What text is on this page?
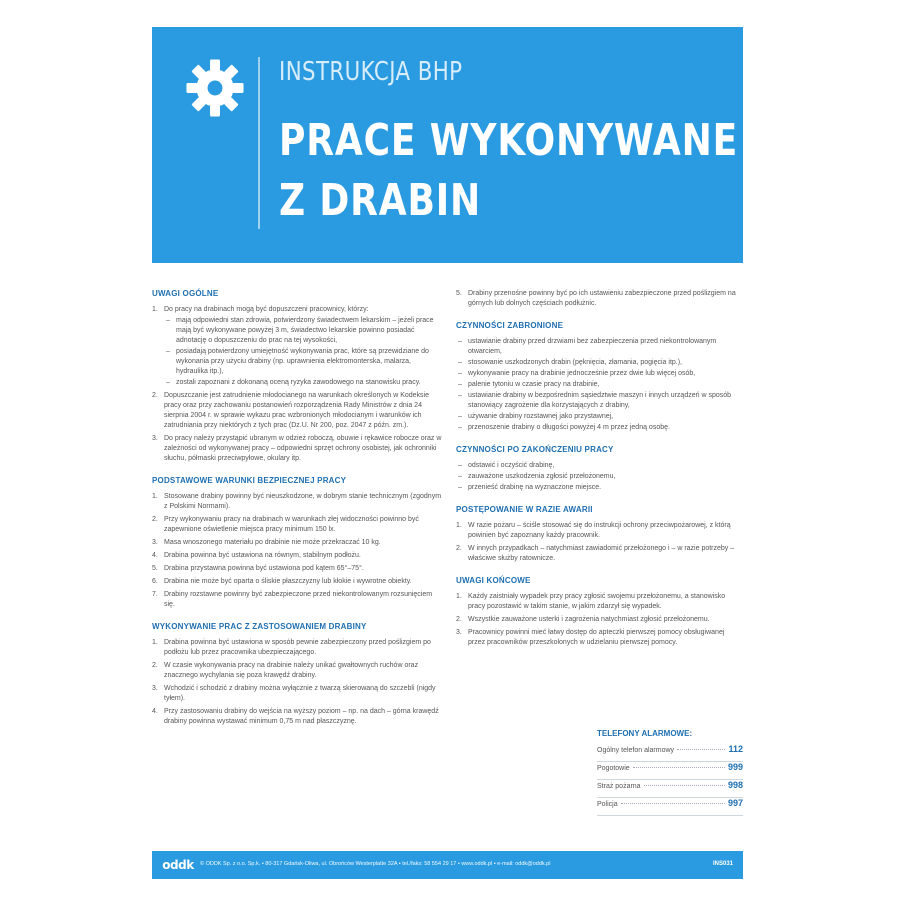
INSTRUKCJA BHP
PRACE WYKONYWANE
Z DRABIN
UWAGI OGÓLNE
1. Do pracy na drabinach mogą być dopuszczeni pracownicy, którzy:
– mają odpowiedni stan zdrowia, potwierdzony świadectwem lekarskim – jeżeli prace mają być wykonywane powyżej 3 m, świadectwo lekarskie powinno posiadać adnotację o dopuszczeniu do prac na tej wysokości,
– posiadają potwierdzony umiejętność wykonywania prac, które są przewidziane do wykonania przy użyciu drabiny (np. uprawnienia elektromonterska, malarza, hydraulika itp.),
– zostali zapoznani z dokonaną oceną ryzyka zawodowego na stanowisku pracy.
2. Dopuszczanie jest zatrudnienie młodocianego na warunkach określonych w Kodeksie pracy oraz przy zachowaniu postanowień rozporządzenia Rady Ministrów z dnia 24 sierpnia 2004 r. w sprawie wykazu prac wzbronionych młodocianym i warunków ich zatrudniania przy niektórych z tych prac (Dz.U. Nr 200, poz. 2047 z późn. zm.).
3. Do pracy należy przystąpić ubranym w odzież roboczą, obuwie i rękawice robocze oraz w zależności od wykonywanej pracy – odpowiedni sprzęt ochrony osobistej, jak ochronniki słuchu, półmaski przeciwpyłowe, okulary itp.
PODSTAWOWE WARUNKI BEZPIECZNEJ PRACY
1. Stosowane drabiny powinny być nieuszkodzone, w dobrym stanie technicznym (zgodnym z Polskimi Normami).
2. Przy wykonywaniu pracy na drabinach w warunkach złej widoczności powinno być zapewnione oświetlenie miejsca pracy minimum 150 lx.
3. Masa wnoszonego materiału po drabinie nie może przekraczać 10 kg.
4. Drabina powinna być ustawiona na równym, stabilnym podłożu.
5. Drabina przystawna powinna być ustawiona pod kątem 65°–75°.
6. Drabina nie może być oparta o śliskie płaszczyzny lub kłokie i wywrotne obiekty.
7. Drabiny rozstawne powinny być zabezpieczone przed niekontrolowanym rozsunięciem się.
WYKONYWANIE PRAC Z ZASTOSOWANIEM DRABINY
1. Drabina powinna być ustawiona w sposób pewnie zabezpieczony przed poślizgiem po podłożu lub przez pracownika ubezpieczającego.
2. W czasie wykonywania pracy na drabinie należy unikać gwałtownych ruchów oraz znacznego wychylania się poza krawędź drabiny.
3. Wchodzić i schodzić z drabiny można wyłącznie z twarzą skierowaną do szczebli (nigdy tyłem).
4. Przy zastosowaniu drabiny do wejścia na wyższy poziom – np. na dach – górna krawędź drabiny powinna wystawać minimum 0,75 m nad płaszczyznę.
5. Drabiny przenośne powinny być po ich ustawieniu zabezpieczone przed poślizgiem na górnych lub dolnych częściach podłużnic.
CZYNNOŚCI ZABRONIONE
– ustawianie drabiny przed drzwiami bez zabezpieczenia przed niekontrolowanym otwarciem,
– stosowanie uszkodzonych drabin (pęknięcia, złamania, pogięcia itp.),
– wykonywanie pracy na drabinie jednocześnie przez dwie lub więcej osób,
– palenie tytoniu w czasie pracy na drabinie,
– ustawianie drabiny w bezpośrednim sąsiedztwie maszyn i innych urządzeń w sposób stanowiący zagrożenie dla korzystających z drabiny,
– używanie drabiny rozstawnej jako przystawnej,
– przenoszenie drabiny o długości powyżej 4 m przez jedną osobę.
CZYNNOŚCI PO ZAKOŃCZENIU PRACY
– odstawić i oczyścić drabinę,
– zauważone uszkodzenia zgłosić przełożonemu,
– przenieść drabinę na wyznaczone miejsce.
POSTĘPOWANIE W RAZIE AWARII
1. W razie pożaru – ściśle stosować się do instrukcji ochrony przeciwpożarowej, z którą powinien być zapoznany każdy pracownik.
2. W innych przypadkach – natychmiast zawiadomić przełożonego i – w razie potrzeby – właściwe służby ratownicze.
UWAGI KOŃCOWE
1. Każdy zaistniały wypadek przy pracy zgłosić swojemu przełożonemu, a stanowisko pracy pozostawić w takim stanie, w jakim zdarzył się wypadek.
2. Wszystkie zauważone usterki i zagrożenia natychmiast zgłosić przełożonemu.
3. Pracownicy powinni mieć łatwy dostęp do apteczki pierwszej pomocy obsługiwanej przez pracowników przeszkolonych w udzielaniu pierwszej pomocy.
TELEFONY ALARMOWE:
Ogólny telefon alarmowy	112
Pogotowie	999
Straż pożarna	998
Policja	997
oddk © ODDK Sp. z o.o. Sp.k. • 80-317 Gdańsk-Oliwa, ul. Obrońców Westerplatte 32A • tel./faks: 58 554 29 17 • www.oddk.pl • e-mail: oddk@oddk.pl	INS031
